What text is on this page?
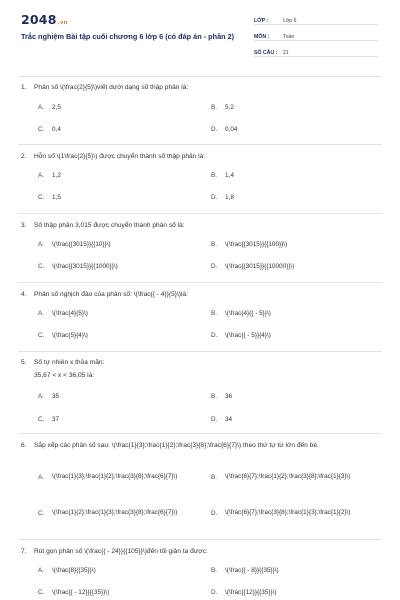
2048.vn
Trắc nghiệm Bài tập cuối chương 6 lớp 6 (có đáp án - phần 2)
LỚP :	Lớp 6
MÔN :	Toán
SỐ CÂU :	21
1. Phân số \(\frac{2}{5}\)viết dưới dạng số thập phân là:
A. 2,5	B. 5,2
C. 0,4	D. 0,04
2. Hỗn số \(1\frac{2}{5}\) được chuyển thành số thập phân là:
A. 1,2	B. 1,4
C. 1,5	D. 1,8
3. Số thập phân 3,015 được chuyển thành phân số là:
A. \(\frac{{3015}}{{10}}\)	B. \(\frac{{3015}}{{100}}\)
C. \(\frac{{3015}}{{1000}}\)	D. \(\frac{{3015}}{{10000}}\)
4. Phân số nghịch đảo của phân số: \(\frac{{ - 4}}{5}\)là:
A. \(\frac{4}{5}\)	B. \(\frac{4}{{ - 5}}\)
C. \(\frac{5}{4}\)	D. \(\frac{{ - 5}}{4}\)
5. Số tự nhiên x thỏa mãn:
35,67 < x < 36,05 là:
A. 35	B. 36
C. 37	D. 34
6.	Sắp xếp các phân số sau: \(\frac{1}{3};\frac{1}{2};\frac{3}{8};\frac{6}{7}\) theo thứ tự từ lớn đến bé.
A.	\(\frac{1}{3};\frac{1}{2};\frac{3}{8};\frac{6}{7}\)	B.	\(\frac{6}{7};\frac{1}{2};\frac{3}{8};\frac{1}{3}\)
C.	\(\frac{1}{2};\frac{1}{3};\frac{3}{8};\frac{6}{7}\)	D.	\(\frac{6}{7};\frac{3}{8};\frac{1}{3};\frac{1}{2}\)
7. Rút gọn phân số \(\frac{{ - 24}}{{105}}\)đến tối giản ta được:
A. \(\frac{8}{{35}}\)	B. \(\frac{{ - 8}}{{35}}\)
C. \(\frac{{ - 12}}{{35}}\)	D. \(\frac{{12}}{{35}}\)
